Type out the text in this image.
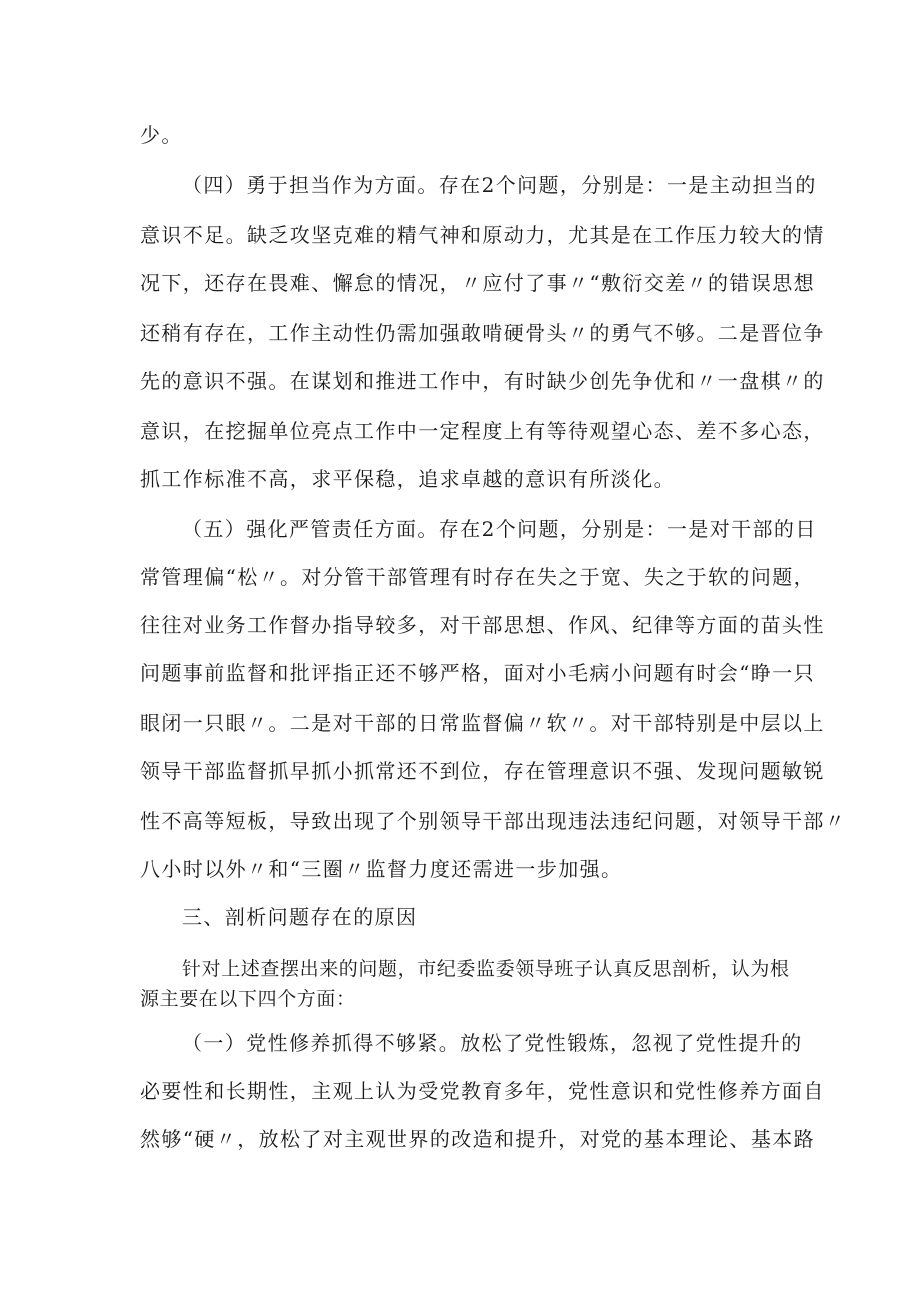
少。
（四）勇于担当作为方面。存在2个问题，分别是：一是主动担当的
意识不足。缺乏攻坚克难的精气神和原动力，尤其是在工作压力较大的情
况下，还存在畏难、懈怠的情况，〃应付了事〃“敷衍交差〃的错误思想
还稍有存在，工作主动性仍需加强敢啃硬骨头〃的勇气不够。二是晋位争
先的意识不强。在谋划和推进工作中，有时缺少创先争优和〃一盘棋〃的
意识，在挖掘单位亮点工作中一定程度上有等待观望心态、差不多心态，
抓工作标准不高，求平保稳，追求卓越的意识有所淡化。
（五）强化严管责任方面。存在2个问题，分别是：一是对干部的日
常管理偏“松〃。对分管干部管理有时存在失之于宽、失之于软的问题，
往往对业务工作督办指导较多，对干部思想、作风、纪律等方面的苗头性
问题事前监督和批评指正还不够严格，面对小毛病小问题有时会“睁一只
眼闭一只眼〃。二是对干部的日常监督偏〃软〃。对干部特别是中层以上
领导干部监督抓早抓小抓常还不到位，存在管理意识不强、发现问题敏锐
性不高等短板，导致出现了个别领导干部出现违法违纪问题，对领导干部〃
八小时以外〃和“三圈〃监督力度还需进一步加强。
三、剖析问题存在的原因
针对上述查摆出来的问题，市纪委监委领导班子认真反思剖析，认为根
源主要在以下四个方面：
（一）党性修养抓得不够紧。放松了党性锻炼，忽视了党性提升的
必要性和长期性，主观上认为受党教育多年，党性意识和党性修养方面自
然够“硬〃，放松了对主观世界的改造和提升，对党的基本理论、基本路
